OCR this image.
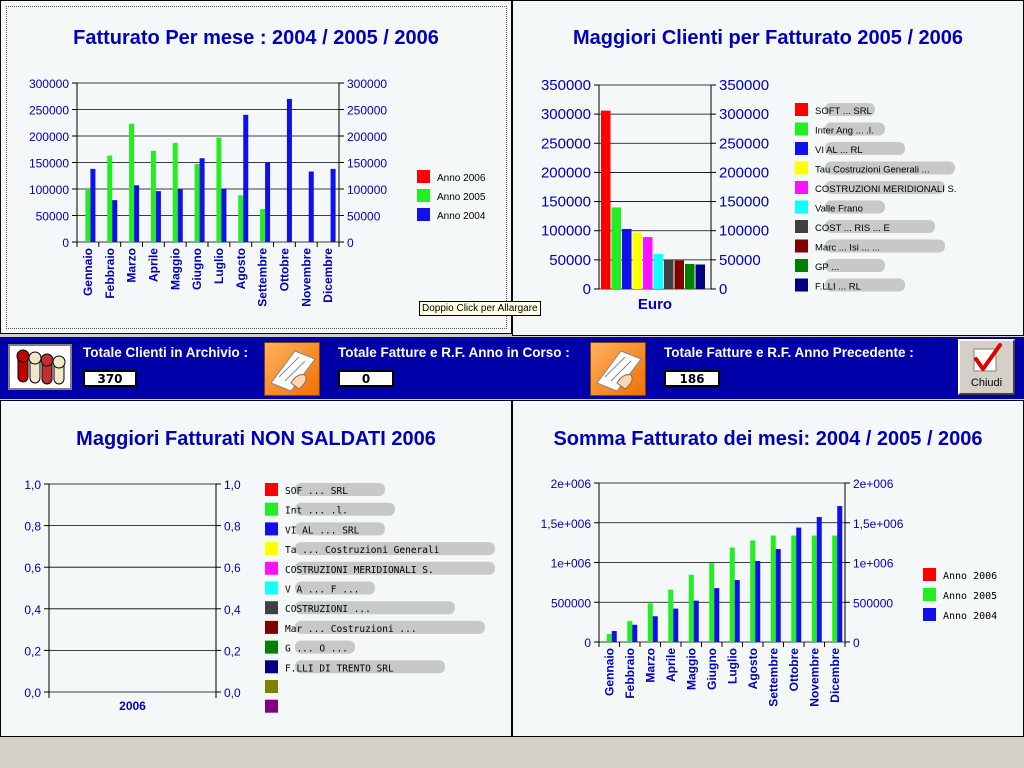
Fatturato Per mese : 2004 / 2005 / 2006
0	0
50000	50000
100000	100000
150000	150000
200000	200000
250000	250000
300000	300000
Gennaio Febbraio Marzo Aprile Maggio Giugno Luglio Agosto Settembre Ottobre Novembre Dicembre
Anno 2006
Anno 2005
Anno 2004
Maggiori Clienti per Fatturato 2005 / 2006
0	0
50000	50000
100000	100000
150000	150000
200000	200000
250000	250000
300000	300000
350000	350000
Euro
SOFT ... SRL
Inter Ang ... .l.
VI AL ... RL
Tau Costruzioni Generali ...
COSTRUZIONI MERIDIONALI S.
Valle Frano
COST ... RIS ... E
Marc ... Isi ... ...
GP ...
F.LLI ... RL
Doppio Click per Allargare
Totale Clienti in Archivio :
370
Totale Fatture e R.F. Anno in Corso :
0
Totale Fatture e R.F. Anno Precedente :
186	Chiudi
Maggiori Fatturati NON SALDATI 2006
0,0	0,0
0,2	0,2
0,4	0,4
0,6	0,6
0,8	0,8
1,0	1,0
2006
SOF ... SRL
Int ... .l.
VI AL ... SRL
Ta ... Costruzioni Generali
COSTRUZIONI MERIDIONALI S.
V A ... F ...
COSTRUZIONI ...
Mar ... Costruzioni ...
G ... O ...
F.LLI DI TRENTO SRL
Somma Fatturato dei mesi: 2004 / 2005 / 2006
0	0
500000	500000
1e+006	1e+006
1,5e+006	1,5e+006
2e+006	2e+006
Gennaio Febbraio Marzo Aprile Maggio Giugno Luglio Agosto Settembre Ottobre Novembre Dicembre
Anno 2006
Anno 2005
Anno 2004
